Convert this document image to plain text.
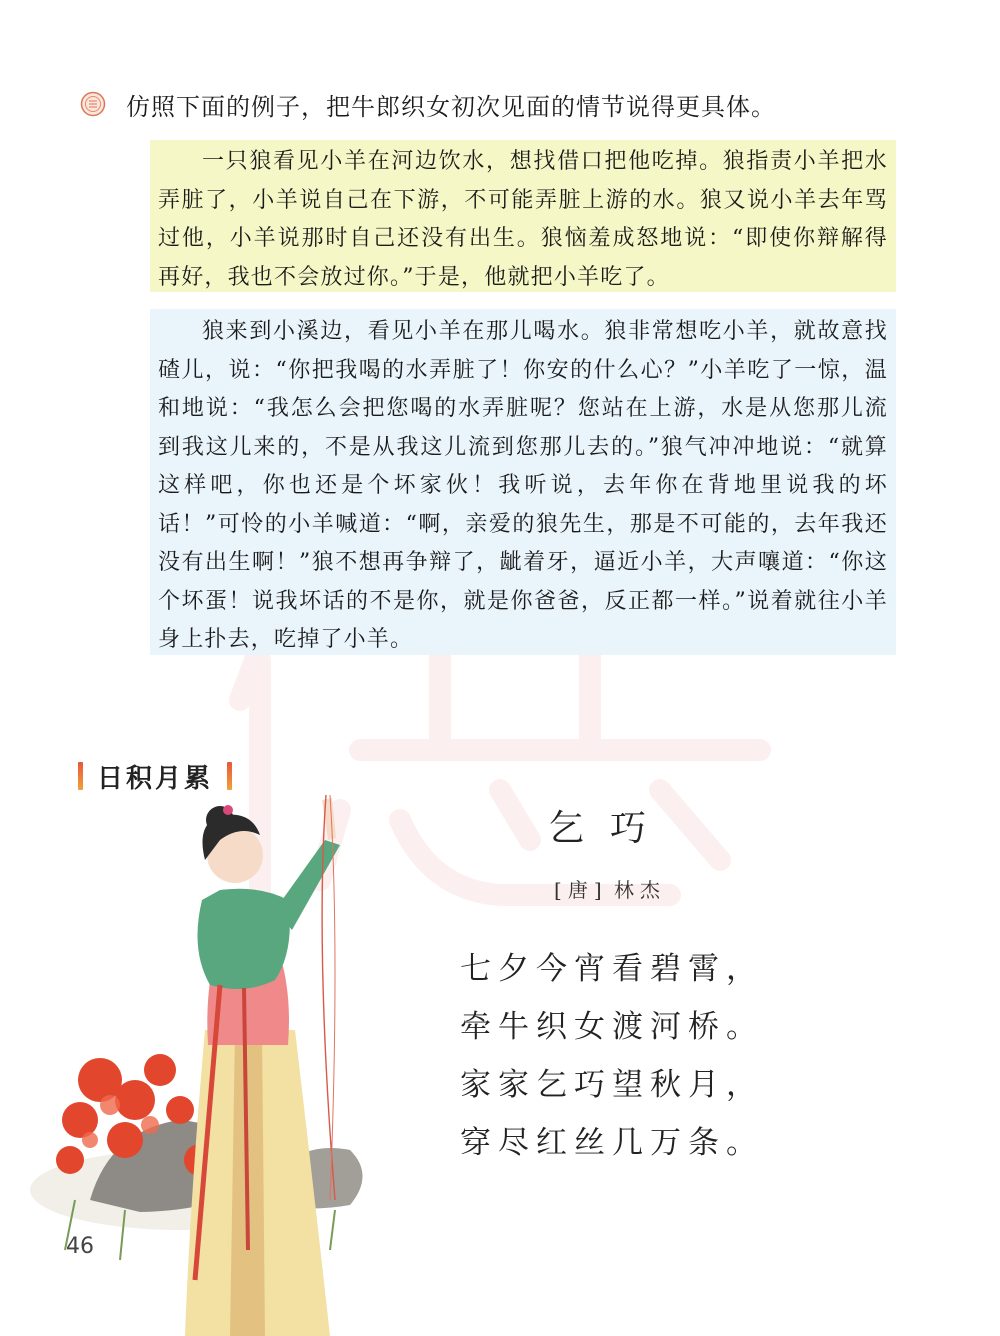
仿照下面的例子，把牛郎织女初次见面的情节说得更具体。

一只狼看见小羊在河边饮水，想找借口把他吃掉。狼指责小羊把水弄脏了，小羊说自己在下游，不可能弄脏上游的水。狼又说小羊去年骂过他，小羊说那时自己还没有出生。狼恼羞成怒地说：“即使你辩解得再好，我也不会放过你。”于是，他就把小羊吃了。

狼来到小溪边，看见小羊在那儿喝水。狼非常想吃小羊，就故意找碴儿，说：“你把我喝的水弄脏了！你安的什么心？”小羊吃了一惊，温和地说：“我怎么会把您喝的水弄脏呢？您站在上游，水是从您那儿流到我这儿来的，不是从我这儿流到您那儿去的。”狼气冲冲地说：“就算这样吧，你也还是个坏家伙！我听说，去年你在背地里说我的坏话！”可怜的小羊喊道：“啊，亲爱的狼先生，那是不可能的，去年我还没有出生啊！”狼不想再争辩了，龇着牙，逼近小羊，大声嚷道：“你这个坏蛋！说我坏话的不是你，就是你爸爸，反正都一样。”说着就往小羊身上扑去，吃掉了小羊。

日积月累
乞巧
[唐] 林杰
七夕今宵看碧霄，
牵牛织女渡河桥。
家家乞巧望秋月，
穿尽红丝几万条。
46
